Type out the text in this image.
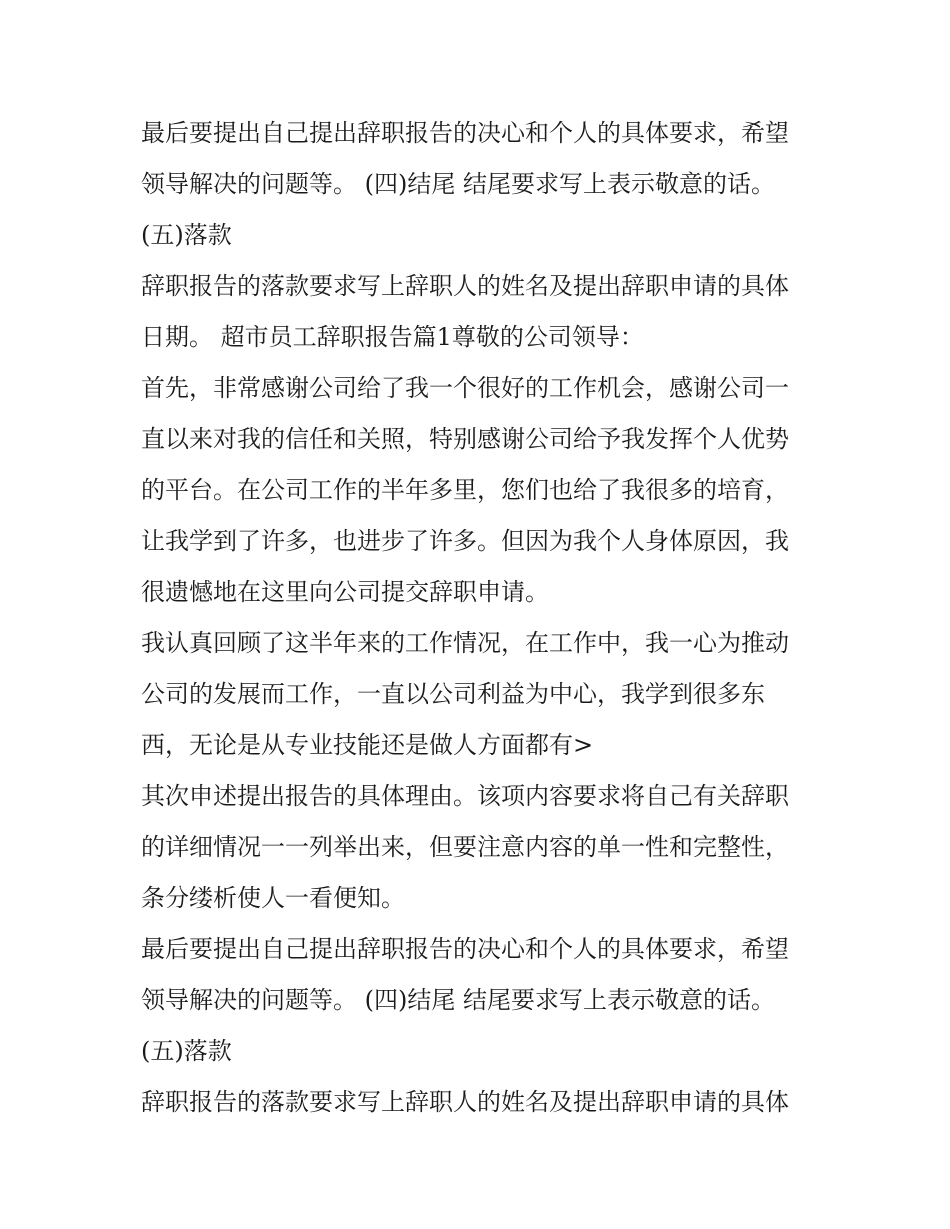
最后要提出自己提出辞职报告的决心和个人的具体要求，希望
领导解决的问题等。 (四)结尾 结尾要求写上表示敬意的话。
(五)落款
辞职报告的落款要求写上辞职人的姓名及提出辞职申请的具体
日期。 超市员工辞职报告篇1尊敬的公司领导：
首先，非常感谢公司给了我一个很好的工作机会，感谢公司一
直以来对我的信任和关照，特别感谢公司给予我发挥个人优势
的平台。在公司工作的半年多里，您们也给了我很多的培育，
让我学到了许多，也进步了许多。但因为我个人身体原因，我
很遗憾地在这里向公司提交辞职申请。
我认真回顾了这半年来的工作情况，在工作中，我一心为推动
公司的发展而工作，一直以公司利益为中心，我学到很多东
西，无论是从专业技能还是做人方面都有>
其次申述提出报告的具体理由。该项内容要求将自己有关辞职
的详细情况一一列举出来，但要注意内容的单一性和完整性，
条分缕析使人一看便知。
最后要提出自己提出辞职报告的决心和个人的具体要求，希望
领导解决的问题等。 (四)结尾 结尾要求写上表示敬意的话。
(五)落款
辞职报告的落款要求写上辞职人的姓名及提出辞职申请的具体
